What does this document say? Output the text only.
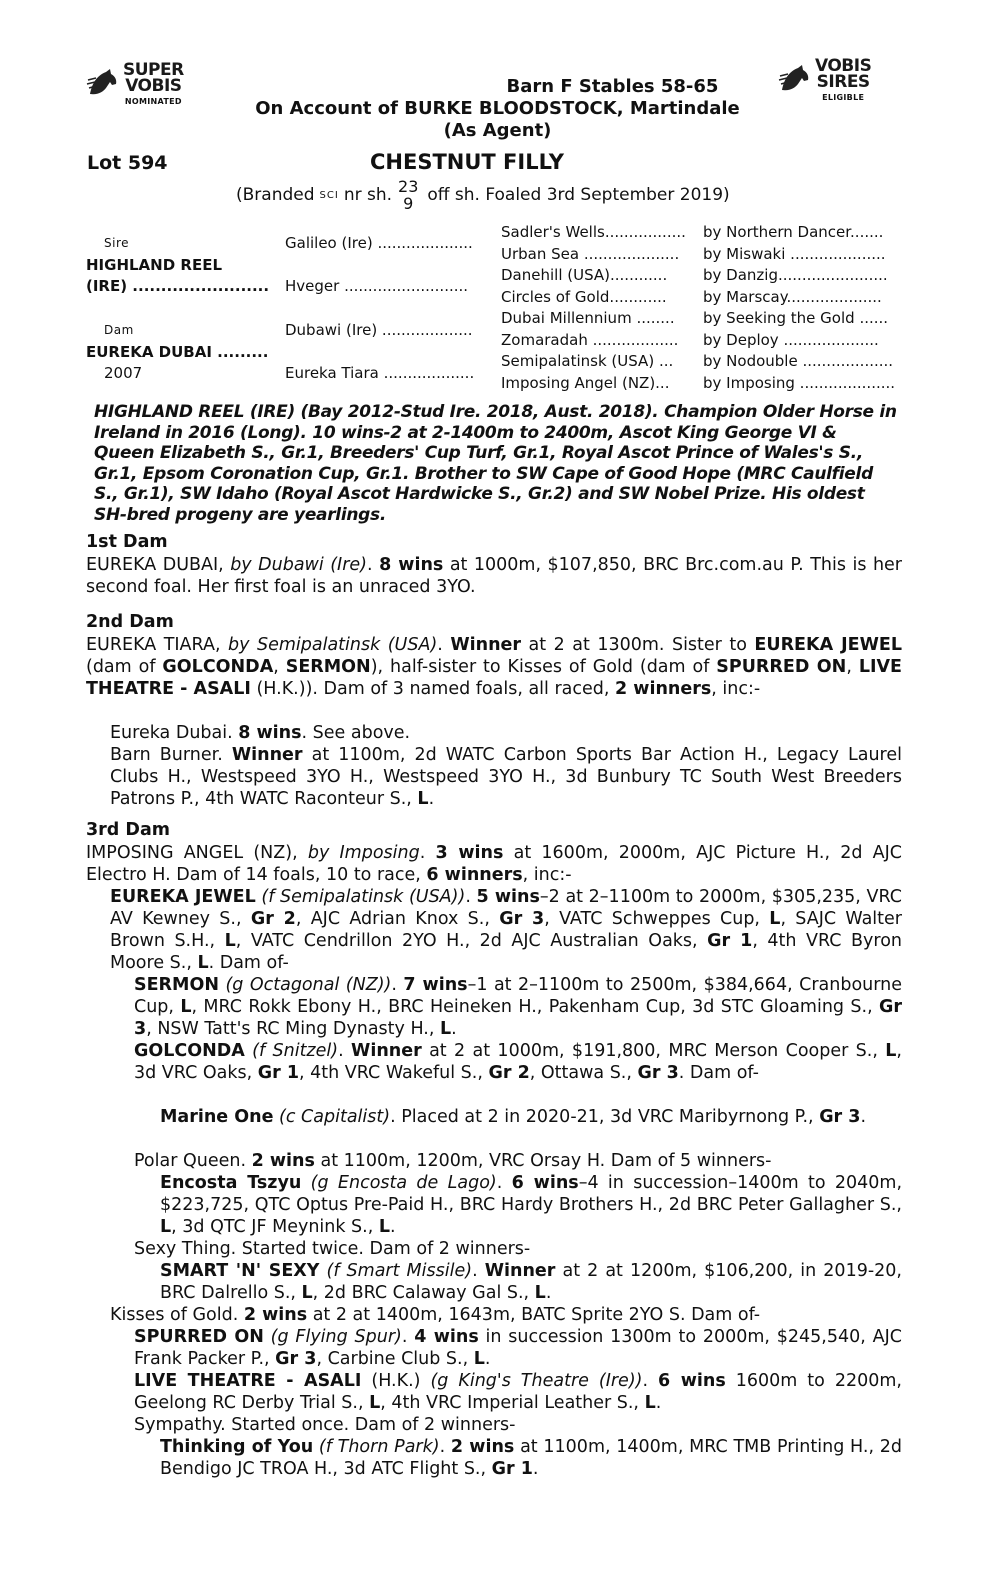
SUPER
VOBIS
NOMINATED
VOBIS
SIRES
ELIGIBLE
Barn F Stables 58-65
On Account of BURKE BLOODSTOCK, Martindale
(As Agent)
Lot 594	CHESTNUT FILLY
(Branded SCI nr sh. 23
9 off sh. Foaled 3rd September 2019)
Sire
HIGHLAND REEL
(IRE) ........................
Dam
EUREKA DUBAI .........
2007
Galileo (Ire) ....................
Hveger ..........................
Dubawi (Ire) ...................
Eureka Tiara ...................
Sadler's Wells................. by Northern Dancer.......
Urban Sea .................... by Miswaki ....................
Danehill (USA)............ by Danzig.......................
Circles of Gold............ by Marscay....................
Dubai Millennium ........ by Seeking the Gold ......
Zomaradah .................. by Deploy ....................
Semipalatinsk (USA) ... by Nodouble ...................
Imposing Angel (NZ)... by Imposing ....................
HIGHLAND REEL (IRE) (Bay 2012-Stud Ire. 2018, Aust. 2018). Champion Older Horse in Ireland in 2016 (Long). 10 wins-2 at 2-1400m to 2400m, Ascot King George VI & Queen Elizabeth S., Gr.1, Breeders' Cup Turf, Gr.1, Royal Ascot Prince of Wales's S., Gr.1, Epsom Coronation Cup, Gr.1. Brother to SW Cape of Good Hope (MRC Caulfield S., Gr.1), SW Idaho (Royal Ascot Hardwicke S., Gr.2) and SW Nobel Prize. His oldest SH-bred progeny are yearlings.
1st Dam
EUREKA DUBAI, by Dubawi (Ire). 8 wins at 1000m, $107,850, BRC Brc.com.au P. This is her second foal. Her first foal is an unraced 3YO.
2nd Dam
EUREKA TIARA, by Semipalatinsk (USA). Winner at 2 at 1300m. Sister to EUREKA JEWEL (dam of GOLCONDA, SERMON), half-sister to Kisses of Gold (dam of SPURRED ON, LIVE THEATRE - ASALI (H.K.)). Dam of 3 named foals, all raced, 2 winners, inc:-
Eureka Dubai. 8 wins. See above.
Barn Burner. Winner at 1100m, 2d WATC Carbon Sports Bar Action H., Legacy Laurel Clubs H., Westspeed 3YO H., Westspeed 3YO H., 3d Bunbury TC South West Breeders Patrons P., 4th WATC Raconteur S., L.
3rd Dam
IMPOSING ANGEL (NZ), by Imposing. 3 wins at 1600m, 2000m, AJC Picture H., 2d AJC Electro H. Dam of 14 foals, 10 to race, 6 winners, inc:-
EUREKA JEWEL (f Semipalatinsk (USA)). 5 wins–2 at 2–1100m to 2000m, $305,235, VRC AV Kewney S., Gr 2, AJC Adrian Knox S., Gr 3, VATC Schweppes Cup, L, SAJC Walter Brown S.H., L, VATC Cendrillon 2YO H., 2d AJC Australian Oaks, Gr 1, 4th VRC Byron Moore S., L. Dam of-
SERMON (g Octagonal (NZ)). 7 wins–1 at 2–1100m to 2500m, $384,664, Cranbourne Cup, L, MRC Rokk Ebony H., BRC Heineken H., Pakenham Cup, 3d STC Gloaming S., Gr 3, NSW Tatt's RC Ming Dynasty H., L.
GOLCONDA (f Snitzel). Winner at 2 at 1000m, $191,800, MRC Merson Cooper S., L, 3d VRC Oaks, Gr 1, 4th VRC Wakeful S., Gr 2, Ottawa S., Gr 3. Dam of-
Marine One (c Capitalist). Placed at 2 in 2020-21, 3d VRC Maribyrnong P., Gr 3.
Polar Queen. 2 wins at 1100m, 1200m, VRC Orsay H. Dam of 5 winners-
Encosta Tszyu (g Encosta de Lago). 6 wins–4 in succession–1400m to 2040m, $223,725, QTC Optus Pre-Paid H., BRC Hardy Brothers H., 2d BRC Peter Gallagher S., L, 3d QTC JF Meynink S., L.
Sexy Thing. Started twice. Dam of 2 winners-
SMART 'N' SEXY (f Smart Missile). Winner at 2 at 1200m, $106,200, in 2019-20, BRC Dalrello S., L, 2d BRC Calaway Gal S., L.
Kisses of Gold. 2 wins at 2 at 1400m, 1643m, BATC Sprite 2YO S. Dam of-
SPURRED ON (g Flying Spur). 4 wins in succession 1300m to 2000m, $245,540, AJC Frank Packer P., Gr 3, Carbine Club S., L.
LIVE THEATRE - ASALI (H.K.) (g King's Theatre (Ire)). 6 wins 1600m to 2200m, Geelong RC Derby Trial S., L, 4th VRC Imperial Leather S., L.
Sympathy. Started once. Dam of 2 winners-
Thinking of You (f Thorn Park). 2 wins at 1100m, 1400m, MRC TMB Printing H., 2d Bendigo JC TROA H., 3d ATC Flight S., Gr 1.
